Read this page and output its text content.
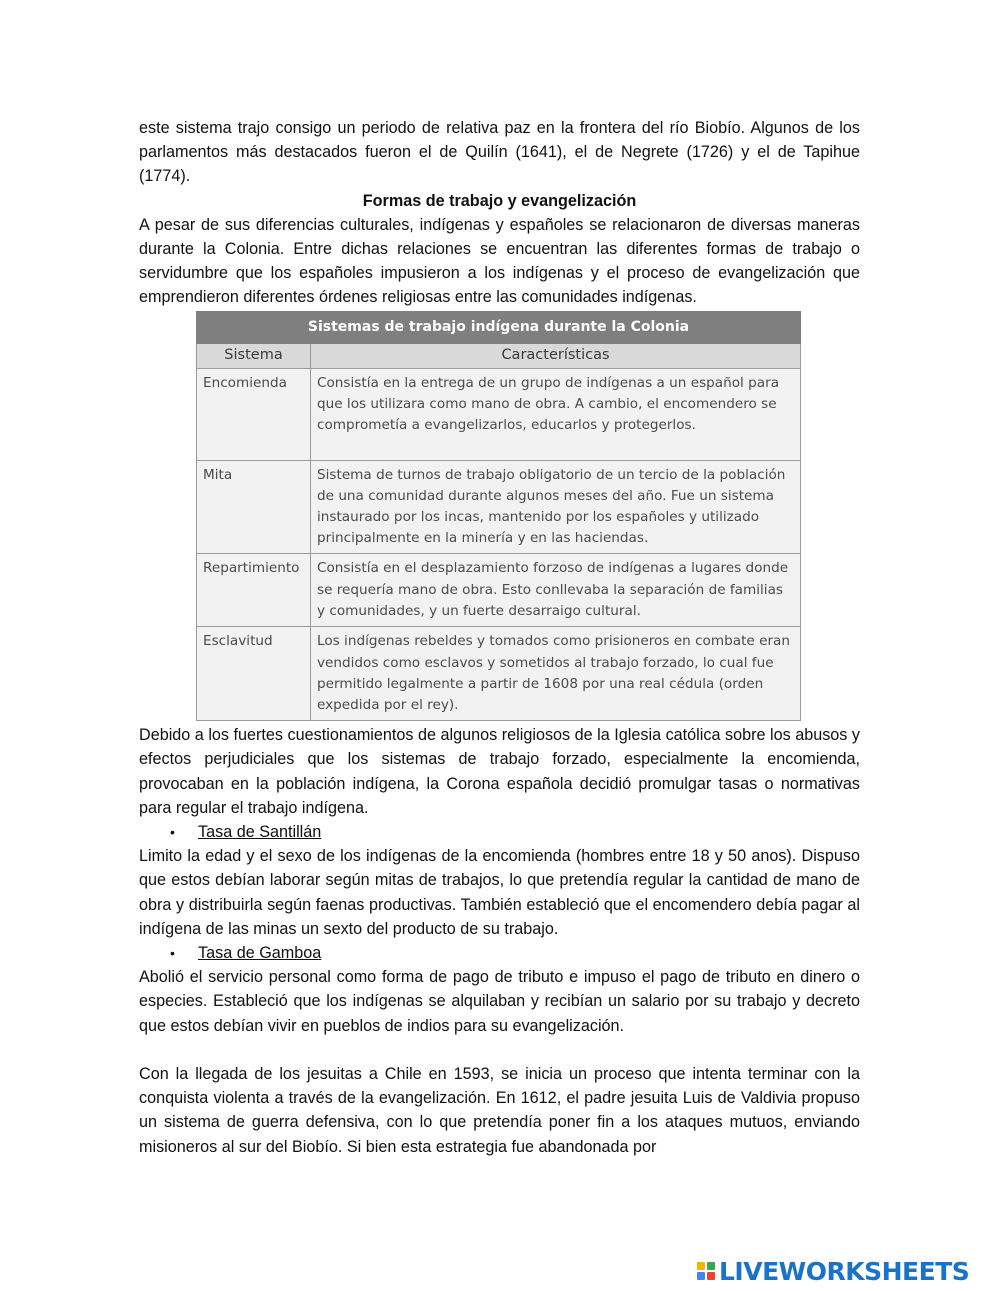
este sistema trajo consigo un periodo de relativa paz en la frontera del río Biobío. Algunos de los parlamentos más destacados fueron el de Quilín (1641), el de Negrete (1726) y el de Tapihue (1774).

Formas de trabajo y evangelización

A pesar de sus diferencias culturales, indígenas y españoles se relacionaron de diversas maneras durante la Colonia. Entre dichas relaciones se encuentran las diferentes formas de trabajo o servidumbre que los españoles impusieron a los indígenas y el proceso de evangelización que emprendieron diferentes órdenes religiosas entre las comunidades indígenas.

Sistemas de trabajo indígena durante la Colonia	
Sistema	Características
Encomienda	Consistía en la entrega de un grupo de indígenas a un español para que los utilizara como mano de obra. A cambio, el encomendero se comprometía a evangelizarlos, educarlos y protegerlos.
Mita	Sistema de turnos de trabajo obligatorio de un tercio de la población de una comunidad durante algunos meses del año. Fue un sistema instaurado por los incas, mantenido por los españoles y utilizado principalmente en la minería y en las haciendas.
Repartimiento	Consistía en el desplazamiento forzoso de indígenas a lugares donde se requería mano de obra. Esto conllevaba la separación de familias y comunidades, y un fuerte desarraigo cultural.
Esclavitud	Los indígenas rebeldes y tomados como prisioneros en combate eran vendidos como esclavos y sometidos al trabajo forzado, lo cual fue permitido legalmente a partir de 1608 por una real cédula (orden expedida por el rey).

Debido a los fuertes cuestionamientos de algunos religiosos de la Iglesia católica sobre los abusos y efectos perjudiciales que los sistemas de trabajo forzado, especialmente la encomienda, provocaban en la población indígena, la Corona española decidió promulgar tasas o normativas para regular el trabajo indígena.

• Tasa de Santillán

Limito la edad y el sexo de los indígenas de la encomienda (hombres entre 18 y 50 anos). Dispuso que estos debían laborar según mitas de trabajos, lo que pretendía regular la cantidad de mano de obra y distribuirla según faenas productivas. También estableció que el encomendero debía pagar al indígena de las minas un sexto del producto de su trabajo.

• Tasa de Gamboa

Abolió el servicio personal como forma de pago de tributo e impuso el pago de tributo en dinero o especies. Estableció que los indígenas se alquilaban y recibían un salario por su trabajo y decreto que estos debían vivir en pueblos de indios para su evangelización.

Con la llegada de los jesuitas a Chile en 1593, se inicia un proceso que intenta terminar con la conquista violenta a través de la evangelización. En 1612, el padre jesuita Luis de Valdivia propuso un sistema de guerra defensiva, con lo que pretendía poner fin a los ataques mutuos, enviando misioneros al sur del Biobío. Si bien esta estrategia fue abandonada por

LIVEWORKSHEETS
